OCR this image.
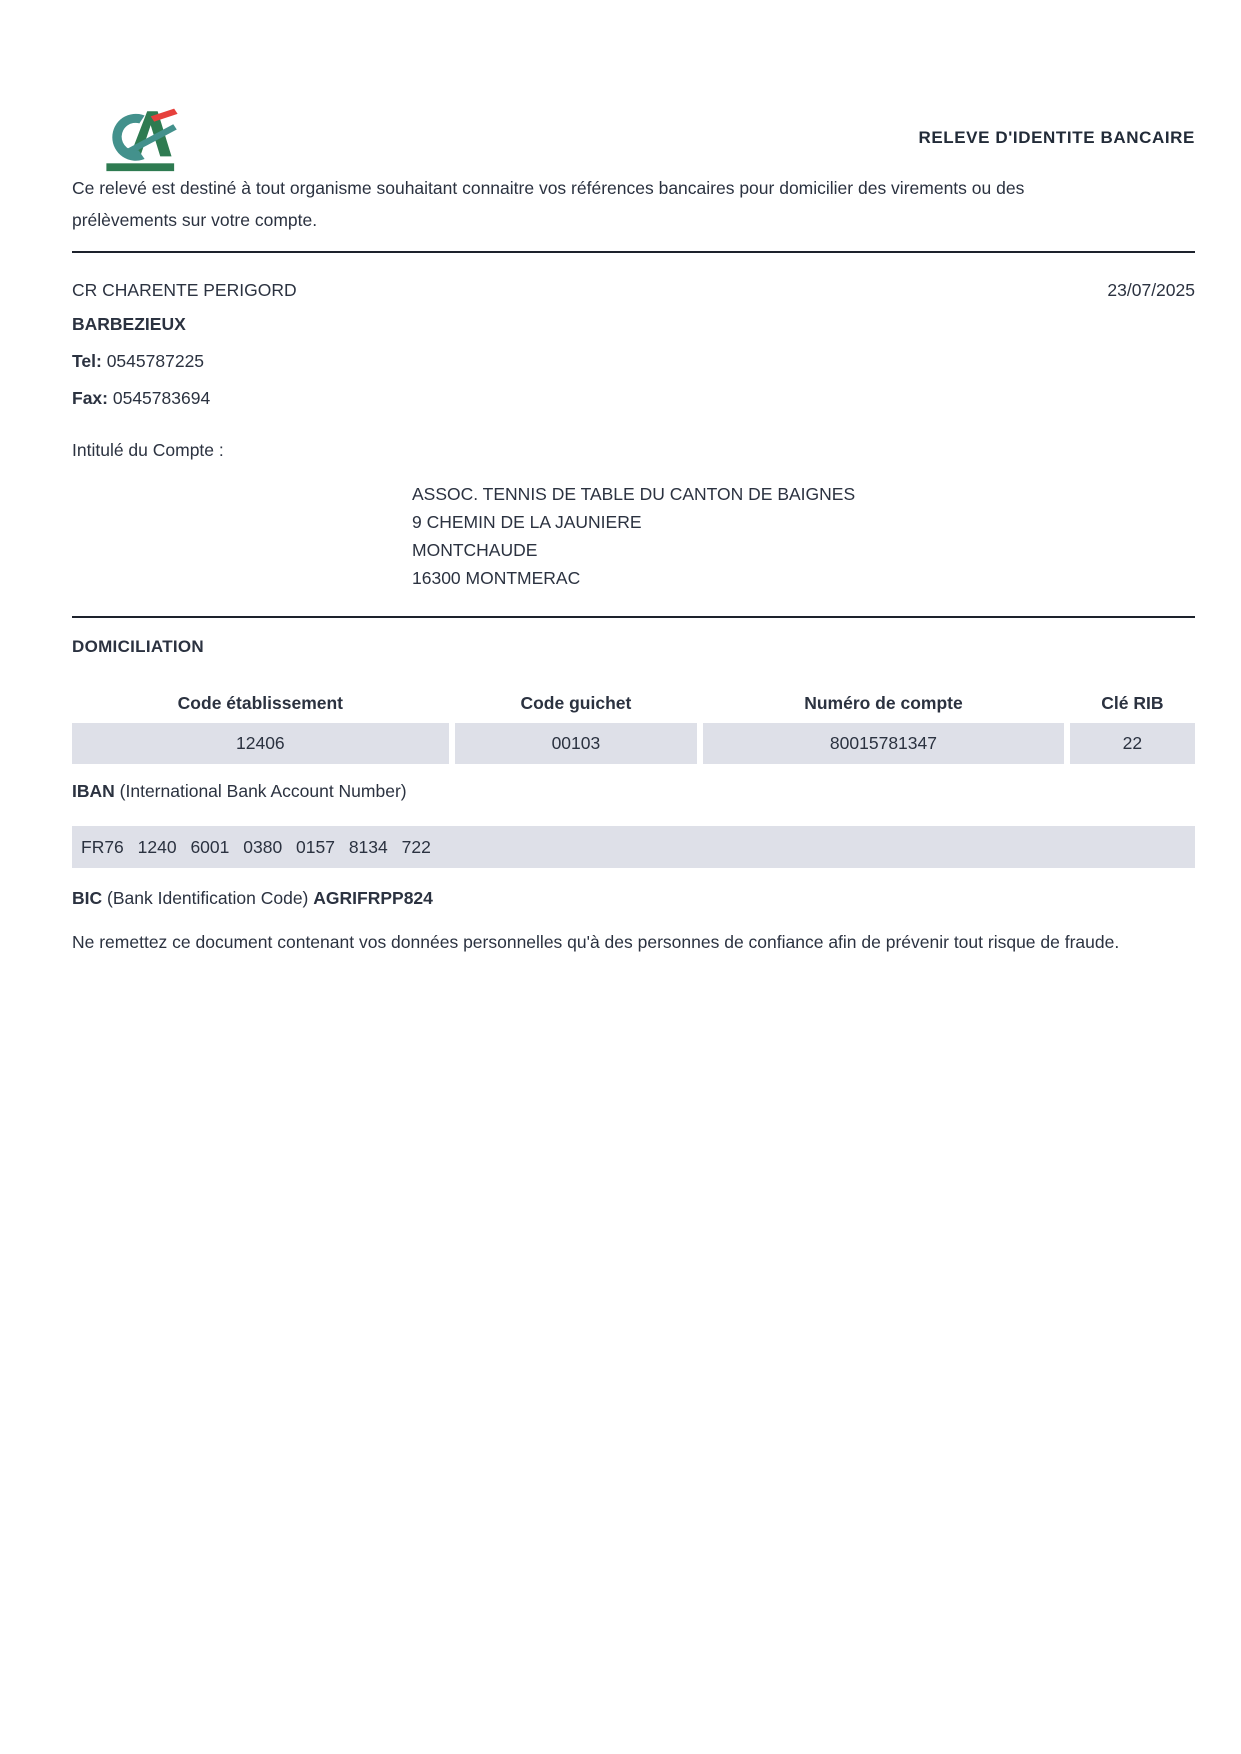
RELEVE D'IDENTITE BANCAIRE

Ce relevé est destiné à tout organisme souhaitant connaitre vos références bancaires pour domicilier des virements ou des prélèvements sur votre compte.

CR CHARENTE PERIGORD	23/07/2025
BARBEZIEUX

Tel: 0545787225

Fax: 0545783694

Intitulé du Compte :

ASSOC. TENNIS DE TABLE DU CANTON DE BAIGNES
9 CHEMIN DE LA JAUNIERE
MONTCHAUDE
16300 MONTMERAC
DOMICILIATION
Code établissement	Code guichet	Numéro de compte	Clé RIB
12406	00103	80015781347	22

IBAN (International Bank Account Number)

FR76 1240 6001 0380 0157 8134 722

BIC (Bank Identification Code) AGRIFRPP824

Ne remettez ce document contenant vos données personnelles qu'à des personnes de confiance afin de prévenir tout risque de fraude.
